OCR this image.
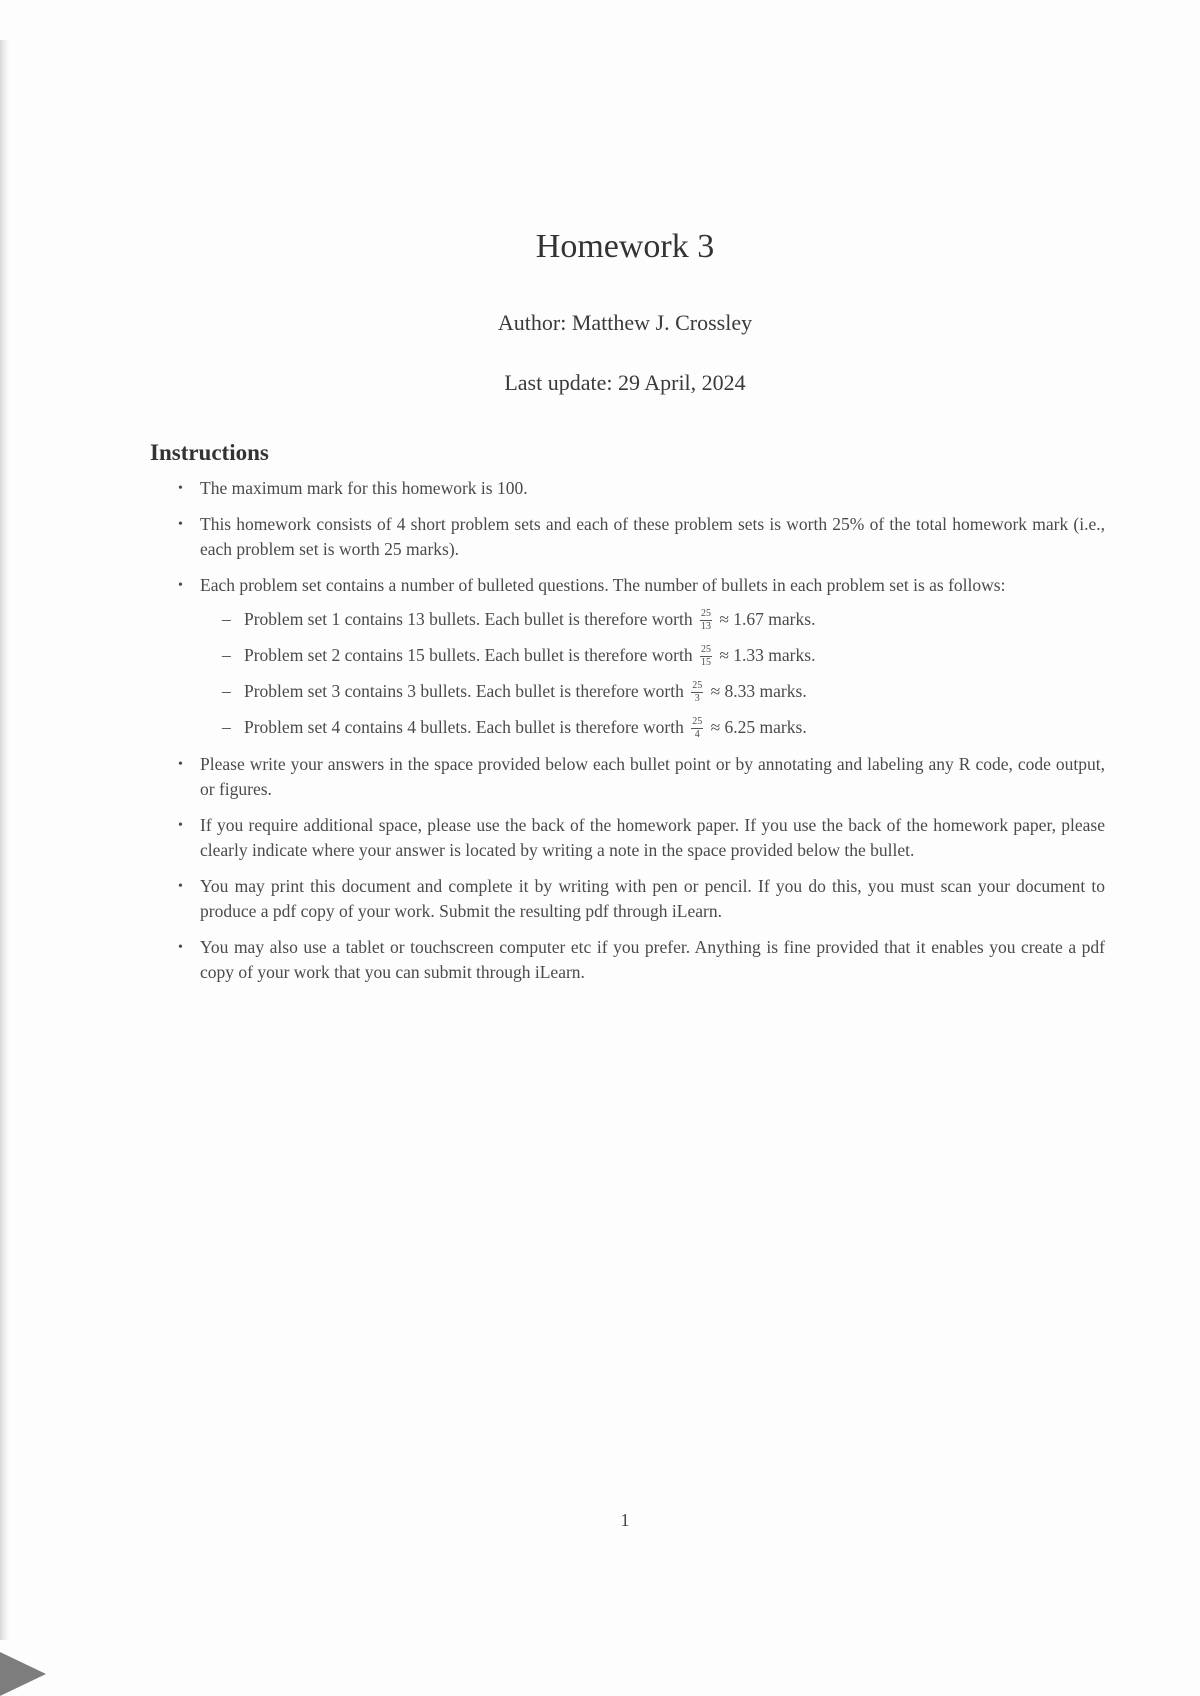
Homework 3

Author: Matthew J. Crossley

Last update: 29 April, 2024

Instructions
• The maximum mark for this homework is 100.

• This homework consists of 4 short problem sets and each of these problem sets is worth 25% of the total homework mark (i.e., each problem set is worth 25 marks).

• Each problem set contains a number of bulleted questions. The number of bullets in each problem set is as follows:

– Problem set 1 contains 13 bullets. Each bullet is therefore worth $\frac{25}{13} \approx 1.67$ marks.
– Problem set 2 contains 15 bullets. Each bullet is therefore worth $\frac{25}{15} \approx 1.33$ marks.
– Problem set 3 contains 3 bullets. Each bullet is therefore worth $\frac{25}{3} \approx 8.33$ marks.
– Problem set 4 contains 4 bullets. Each bullet is therefore worth $\frac{25}{4} \approx 6.25$ marks.
• Please write your answers in the space provided below each bullet point or by annotating and labeling any R code, code output, or figures.

• If you require additional space, please use the back of the homework paper. If you use the back of the homework paper, please clearly indicate where your answer is located by writing a note in the space provided below the bullet.

• You may print this document and complete it by writing with pen or pencil. If you do this, you must scan your document to produce a pdf copy of your work. Submit the resulting pdf through iLearn.

• You may also use a tablet or touchscreen computer etc if you prefer. Anything is fine provided that it enables you create a pdf copy of your work that you can submit through iLearn.

1
